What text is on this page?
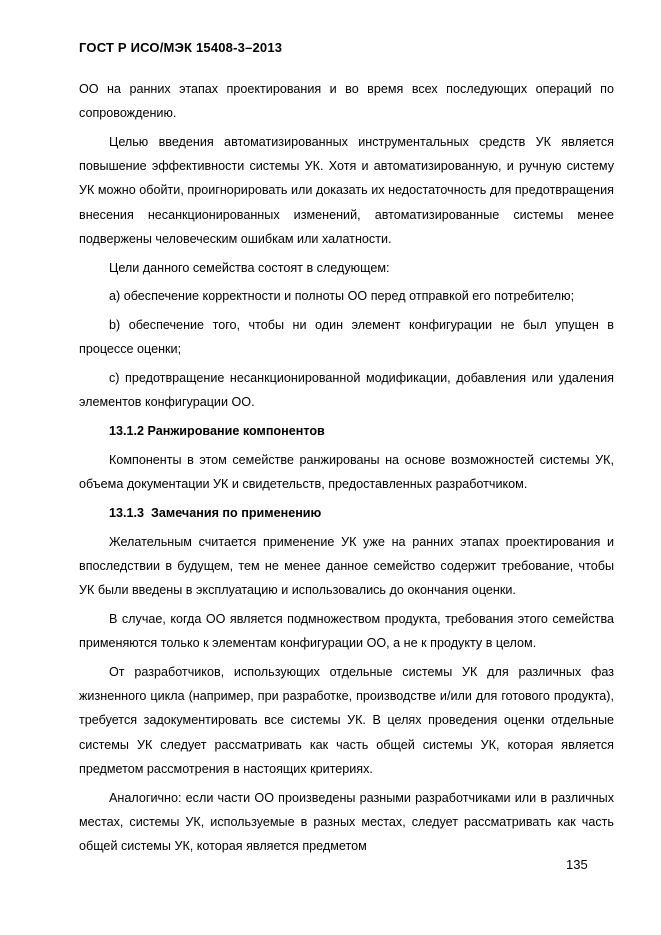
ГОСТ Р ИСО/МЭК 15408-3–2013

ОО на ранних этапах проектирования и во время всех последующих операций по сопровождению.

Целью введения автоматизированных инструментальных средств УК является повышение эффективности системы УК. Хотя и автоматизированную, и ручную систему УК можно обойти, проигнорировать или доказать их недостаточность для предотвращения внесения несанкционированных изменений, автоматизированные системы менее подвержены человеческим ошибкам или халатности.

Цели данного семейства состоят в следующем:

a) обеспечение корректности и полноты ОО перед отправкой его потребителю;

b) обеспечение того, чтобы ни один элемент конфигурации не был упущен в процессе оценки;

c) предотвращение несанкционированной модификации, добавления или удаления элементов конфигурации ОО.

13.1.2 Ранжирование компонентов

Компоненты в этом семействе ранжированы на основе возможностей системы УК, объема документации УК и свидетельств, предоставленных разработчиком.

13.1.3 Замечания по применению

Желательным считается применение УК уже на ранних этапах проектирования и впоследствии в будущем, тем не менее данное семейство содержит требование, чтобы УК были введены в эксплуатацию и использовались до окончания оценки.

В случае, когда ОО является подмножеством продукта, требования этого семейства применяются только к элементам конфигурации ОО, а не к продукту в целом.

От разработчиков, использующих отдельные системы УК для различных фаз жизненного цикла (например, при разработке, производстве и/или для готового продукта), требуется задокументировать все системы УК. В целях проведения оценки отдельные системы УК следует рассматривать как часть общей системы УК, которая является предметом рассмотрения в настоящих критериях.

Аналогично: если части ОО произведены разными разработчиками или в различных местах, системы УК, используемые в разных местах, следует рассматривать как часть общей системы УК, которая является предметом

135
